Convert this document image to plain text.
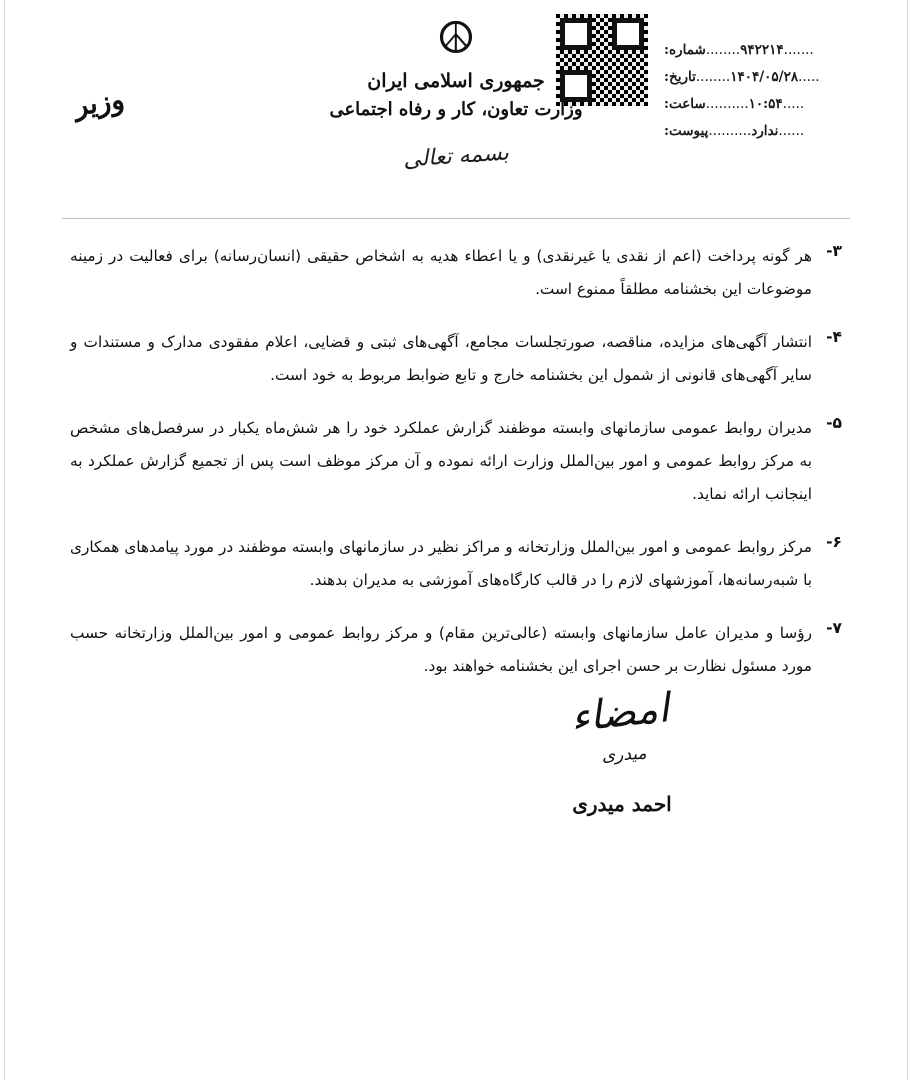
.......۹۴۲۲۱۴........شماره:
.....۱۴۰۴/۰۵/۲۸........تاریخ:
.....۱۰:۵۴..........ساعت:
......ندارد..........پیوست:
☮
جمهوری اسلامی ایران
وزارت تعاون، کار و رفاه اجتماعی
بسمه تعالی
وزیر
۳-
هر گونه پرداخت (اعم از نقدی یا غیرنقدی) و یا اعطاء هدیه به اشخاص حقیقی (انسان‌رسانه) برای فعالیت در زمینه موضوعات این بخشنامه مطلقاً ممنوع است.
۴-
انتشار آگهی‌های مزایده، مناقصه، صورتجلسات مجامع، آگهی‌های ثبتی و قضایی، اعلام مفقودی مدارک و مستندات و سایر آگهی‌های قانونی از شمول این بخشنامه خارج و تابع ضوابط مربوط به خود است.
۵-
مدیران روابط عمومی سازمانهای وابسته موظفند گزارش عملکرد خود را هر شش‌ماه یکبار در سرفصل‌های مشخص به مرکز روابط عمومی و امور بین‌الملل وزارت ارائه نموده و آن مرکز موظف است پس از تجمیع گزارش عملکرد به اینجانب ارائه نماید.
۶-
مرکز روابط عمومی و امور بین‌الملل وزارتخانه و مراکز نظیر در سازمانهای وابسته موظفند در مورد پیامدهای همکاری با شبه‌رسانه‌ها، آموزشهای لازم را در قالب کارگاه‌های آموزشی به مدیران بدهند.
۷-
رؤسا و مدیران عامل سازمانهای وابسته (عالی‌ترین مقام) و مرکز روابط عمومی و امور بین‌الملل وزارتخانه حسب مورد مسئول نظارت بر حسن اجرای این بخشنامه خواهند بود.
امضاء
میدری
احمد میدری
